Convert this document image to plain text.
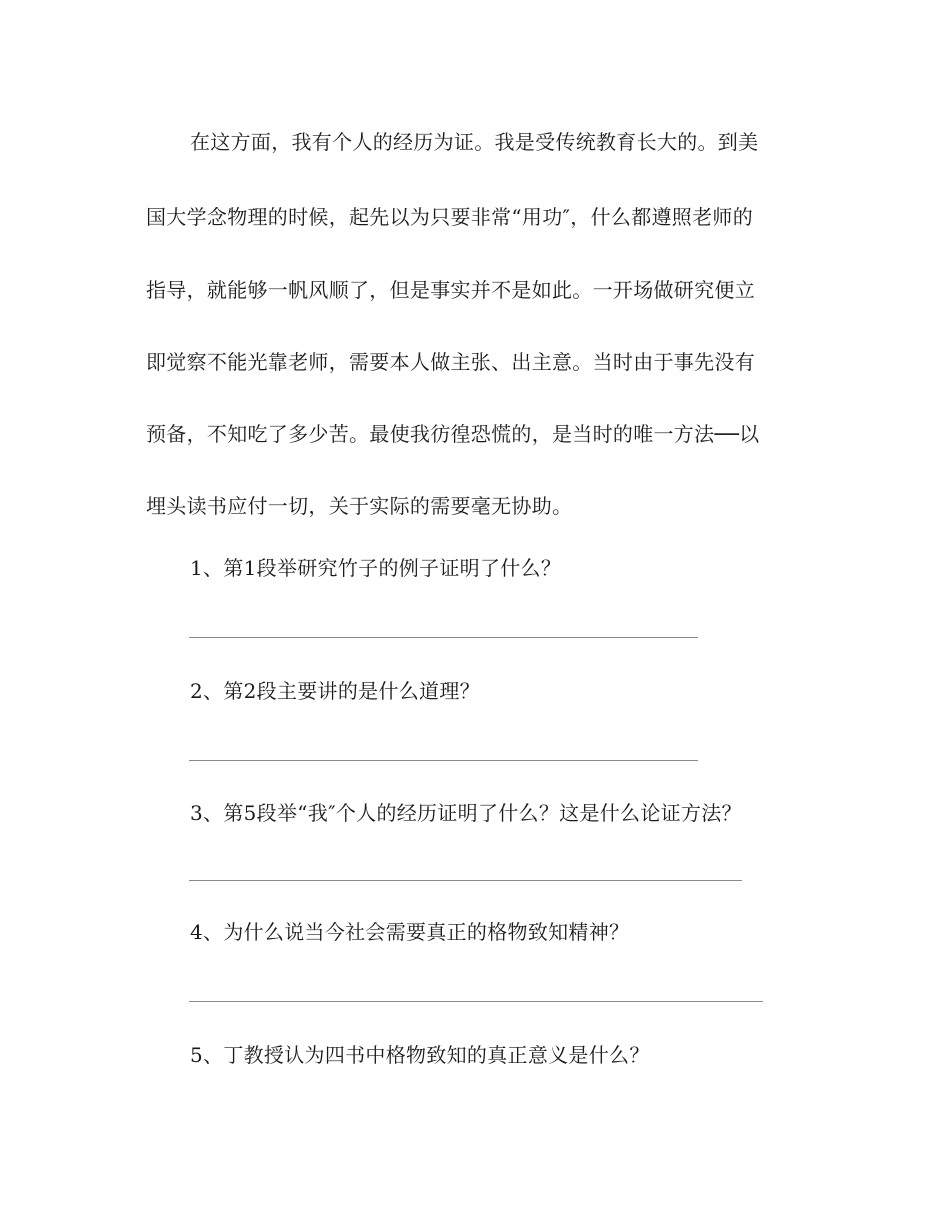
在这方面，我有个人的经历为证。我是受传统教育长大的。到美
国大学念物理的时候，起先以为只要非常“用功″，什么都遵照老师的
指导，就能够一帆风顺了，但是事实并不是如此。一开场做研究便立
即觉察不能光靠老师，需要本人做主张、出主意。当时由于事先没有
预备，不知吃了多少苦。最使我彷徨恐慌的，是当时的唯一方法──以
埋头读书应付一切，关于实际的需要毫无协助。
1、第1段举研究竹子的例子证明了什么？
2、第2段主要讲的是什么道理？
3、第5段举“我″个人的经历证明了什么？这是什么论证方法？
4、为什么说当今社会需要真正的格物致知精神？
5、丁教授认为四书中格物致知的真正意义是什么？
